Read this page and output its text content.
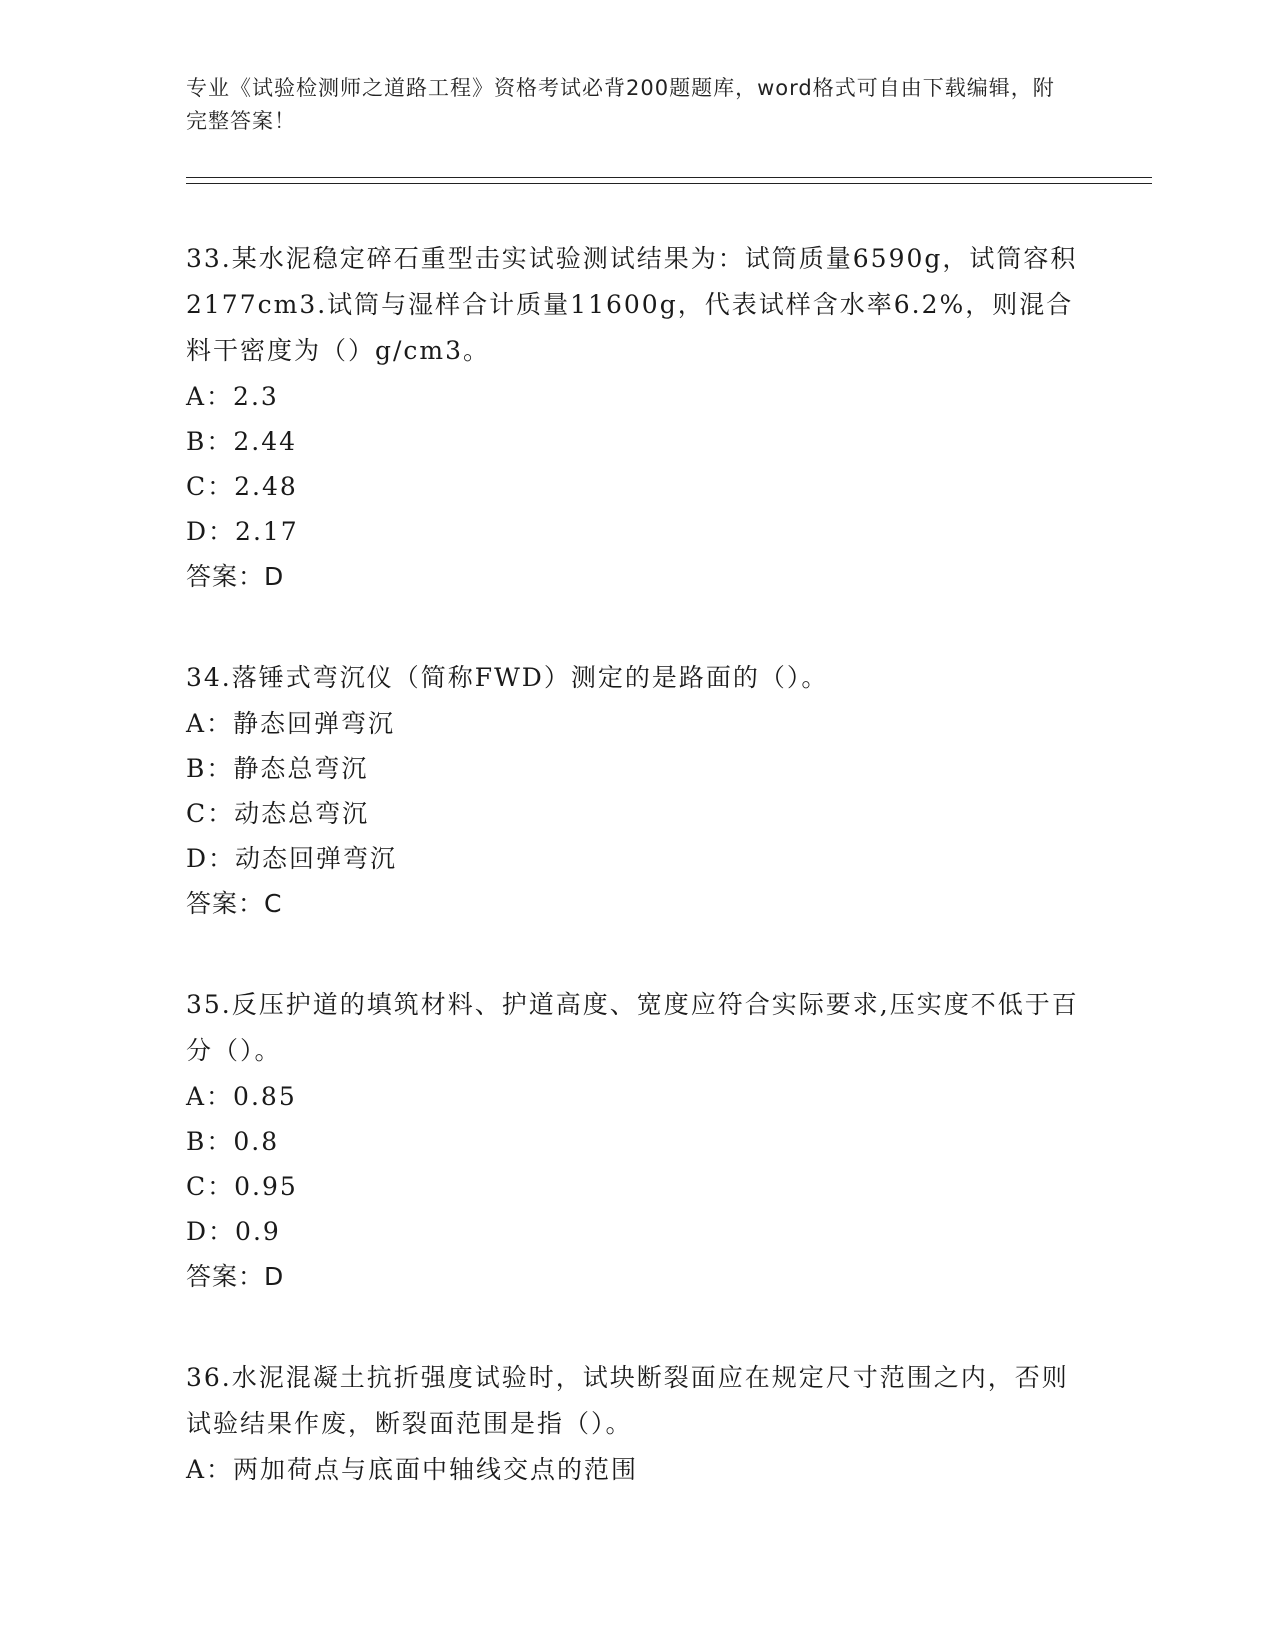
专业《试验检测师之道路工程》资格考试必背200题题库，word格式可自由下载编辑，附完整答案！

33.某水泥稳定碎石重型击实试验测试结果为：试筒质量6590g，试筒容积2177cm3.试筒与湿样合计质量11600g，代表试样含水率6.2%，则混合料干密度为（）g/cm3。

A：2.3

B：2.44

C：2.48

D：2.17

答案：D

34.落锤式弯沉仪（简称FWD）测定的是路面的（）。

A：静态回弹弯沉

B：静态总弯沉

C：动态总弯沉

D：动态回弹弯沉

答案：C

35.反压护道的填筑材料、护道高度、宽度应符合实际要求,压实度不低于百分（）。

A：0.85

B：0.8

C：0.95

D：0.9

答案：D

36.水泥混凝土抗折强度试验时，试块断裂面应在规定尺寸范围之内，否则试验结果作废，断裂面范围是指（）。

A：两加荷点与底面中轴线交点的范围
